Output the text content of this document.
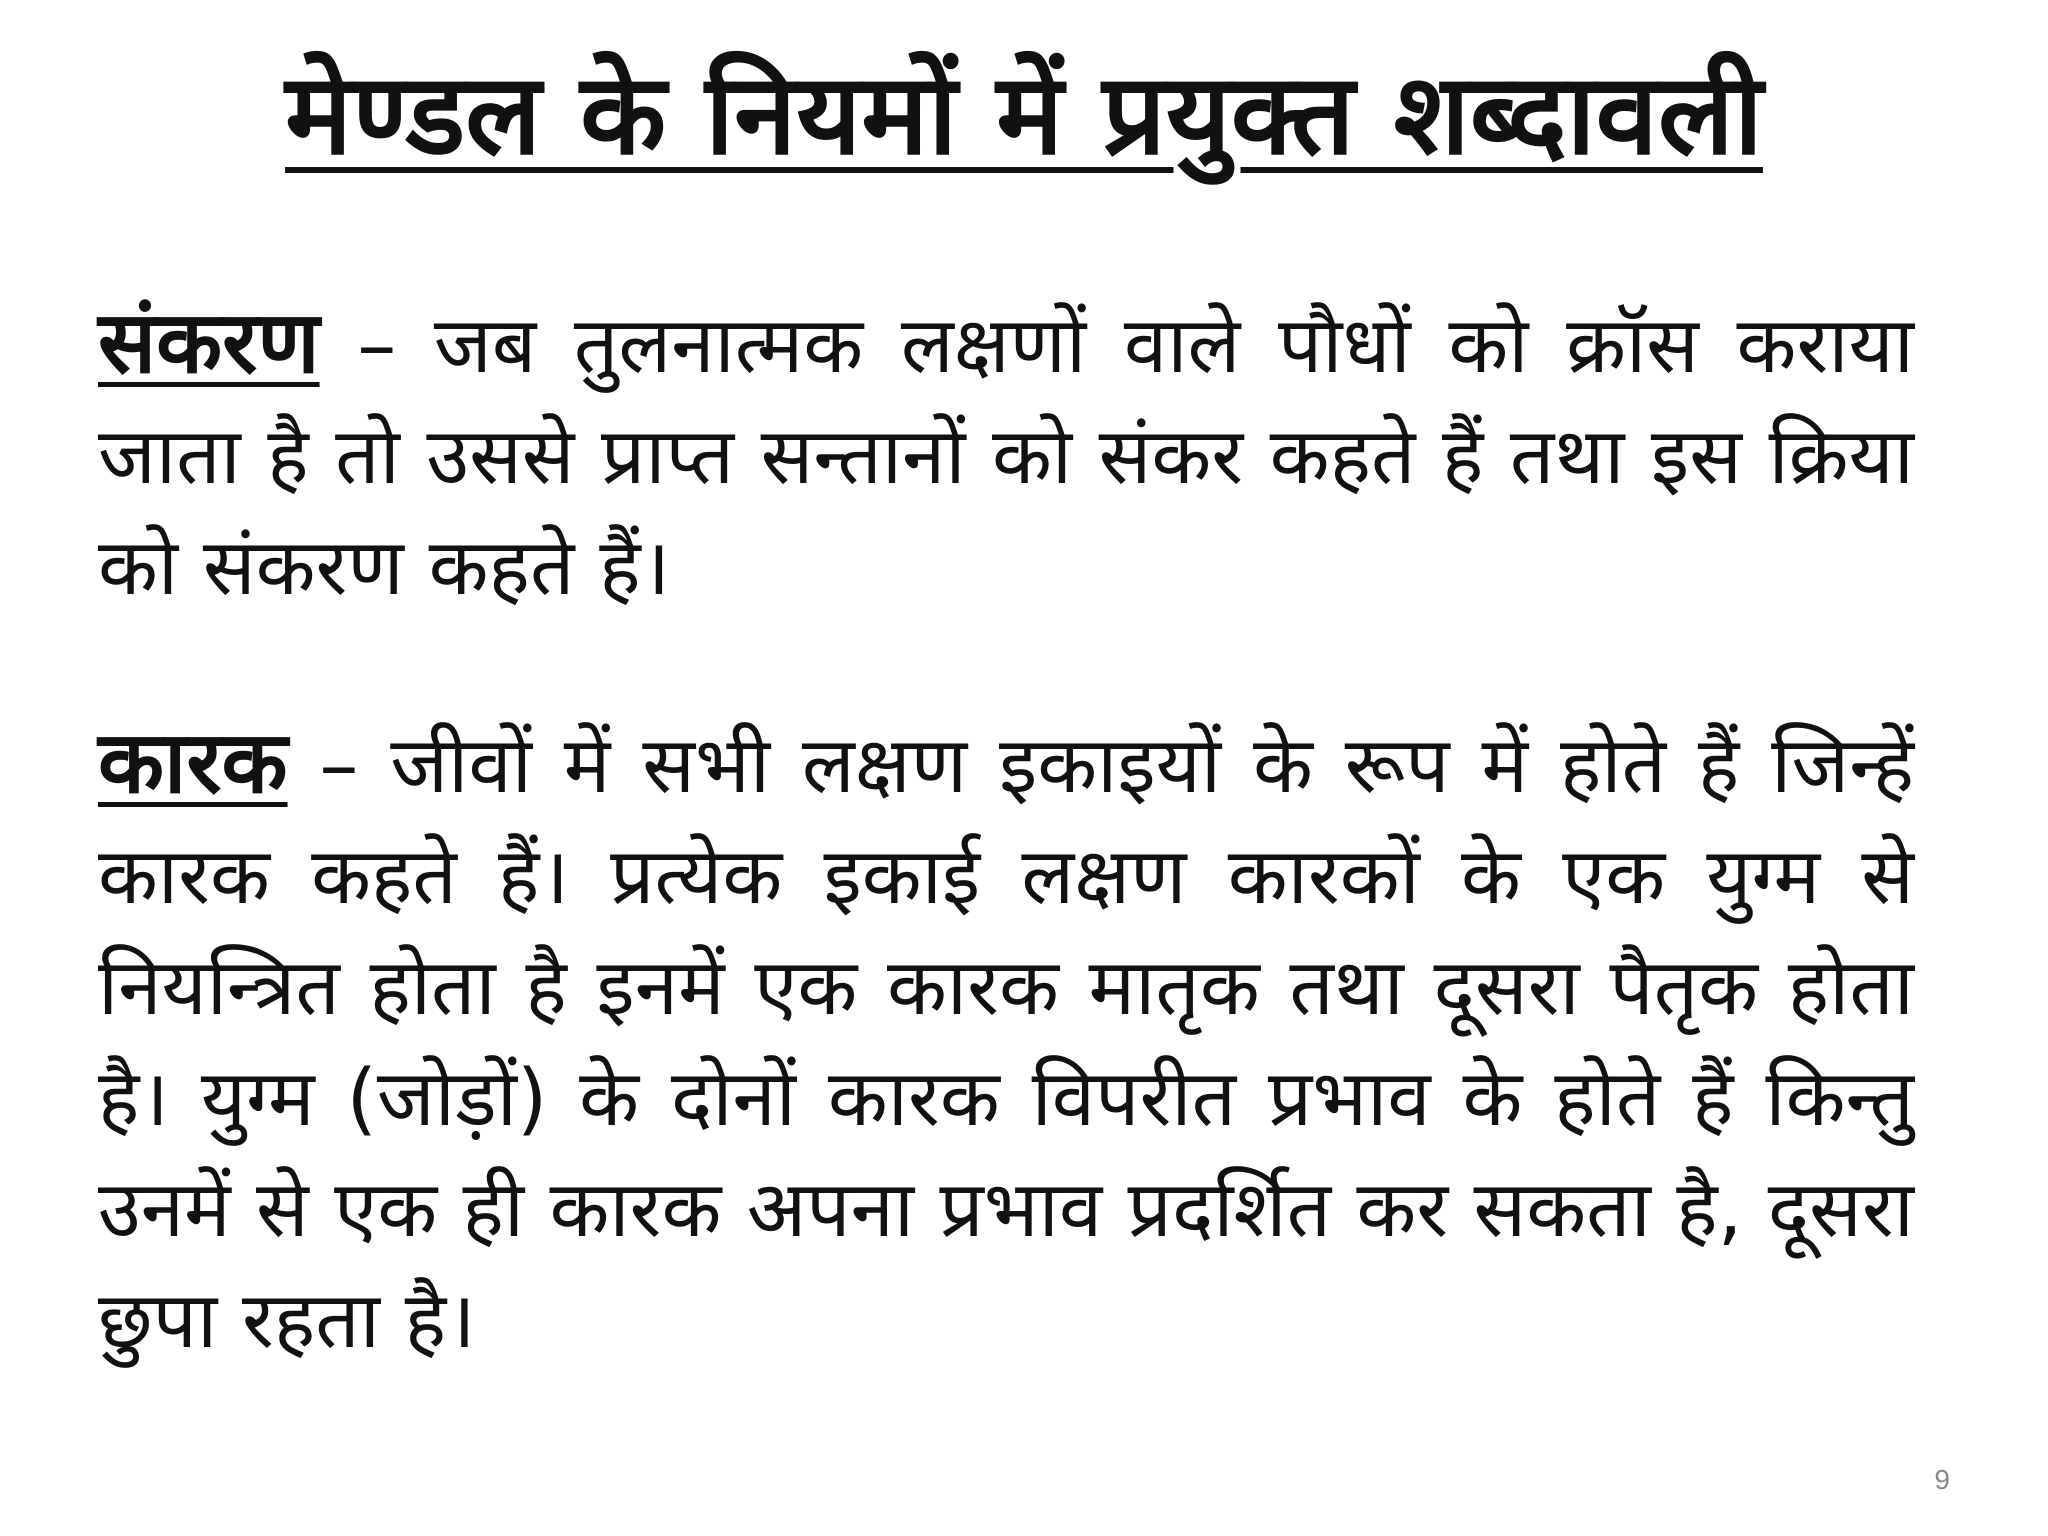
मेण्डल के नियमों में प्रयुक्त शब्दावली

संकरण – जब तुलनात्मक लक्षणों वाले पौधों को क्रॉस कराया जाता है तो उससे प्राप्त सन्तानों को संकर कहते हैं तथा इस क्रिया को संकरण कहते हैं।

कारक – जीवों में सभी लक्षण इकाइयों के रूप में होते हैं जिन्हें कारक कहते हैं। प्रत्येक इकाई लक्षण कारकों के एक युग्म से नियन्त्रित होता है इनमें एक कारक मातृक तथा दूसरा पैतृक होता है। युग्म (जोड़ों) के दोनों कारक विपरीत प्रभाव के होते हैं किन्तु उनमें से एक ही कारक अपना प्रभाव प्रदर्शित कर सकता है, दूसरा छुपा रहता है।

9
